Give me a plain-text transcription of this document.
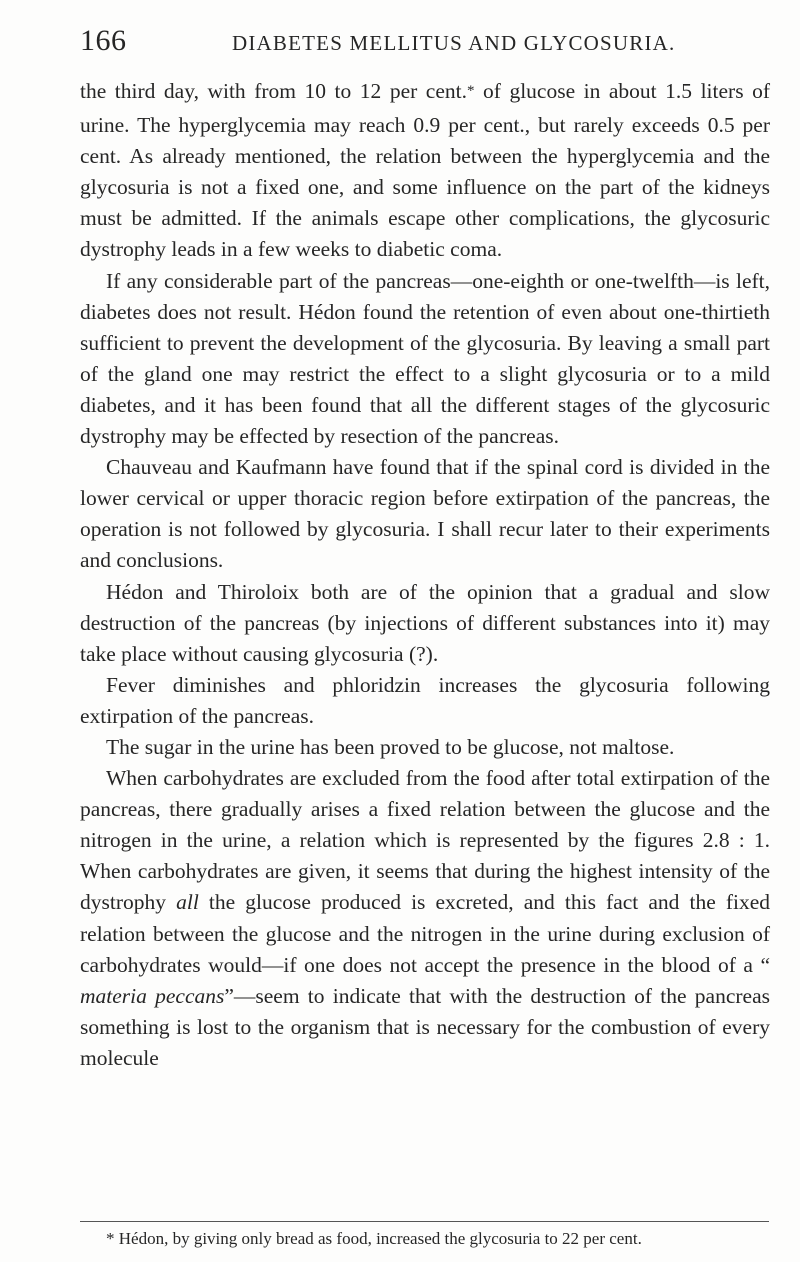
166	DIABETES MELLITUS AND GLYCOSURIA.

the third day, with from 10 to 12 per cent.* of glucose in about 1.5 liters of urine. The hyperglycemia may reach 0.9 per cent., but rarely exceeds 0.5 per cent. As already mentioned, the relation between the hyperglycemia and the glycosuria is not a fixed one, and some influence on the part of the kidneys must be admitted. If the animals escape other complications, the glycosuric dystrophy leads in a few weeks to diabetic coma.

If any considerable part of the pancreas—one-eighth or one-twelfth—is left, diabetes does not result. Hédon found the retention of even about one-thirtieth sufficient to prevent the development of the glycosuria. By leaving a small part of the gland one may restrict the effect to a slight glycosuria or to a mild diabetes, and it has been found that all the different stages of the glycosuric dystrophy may be effected by resection of the pancreas.

Chauveau and Kaufmann have found that if the spinal cord is divided in the lower cervical or upper thoracic region before extirpation of the pancreas, the operation is not followed by glycosuria. I shall recur later to their experiments and conclusions.

Hédon and Thiroloix both are of the opinion that a gradual and slow destruction of the pancreas (by injections of different substances into it) may take place without causing glycosuria (?).

Fever diminishes and phloridzin increases the glycosuria following extirpation of the pancreas.

The sugar in the urine has been proved to be glucose, not maltose.

When carbohydrates are excluded from the food after total extirpation of the pancreas, there gradually arises a fixed relation between the glucose and the nitrogen in the urine, a relation which is represented by the figures 2.8 : 1. When carbohydrates are given, it seems that during the highest intensity of the dystrophy all the glucose produced is excreted, and this fact and the fixed relation between the glucose and the nitrogen in the urine during exclusion of carbohydrates would—if one does not accept the presence in the blood of a “ materia peccans”—seem to indicate that with the destruction of the pancreas something is lost to the organism that is necessary for the combustion of every molecule

* Hédon, by giving only bread as food, increased the glycosuria to 22 per cent.
